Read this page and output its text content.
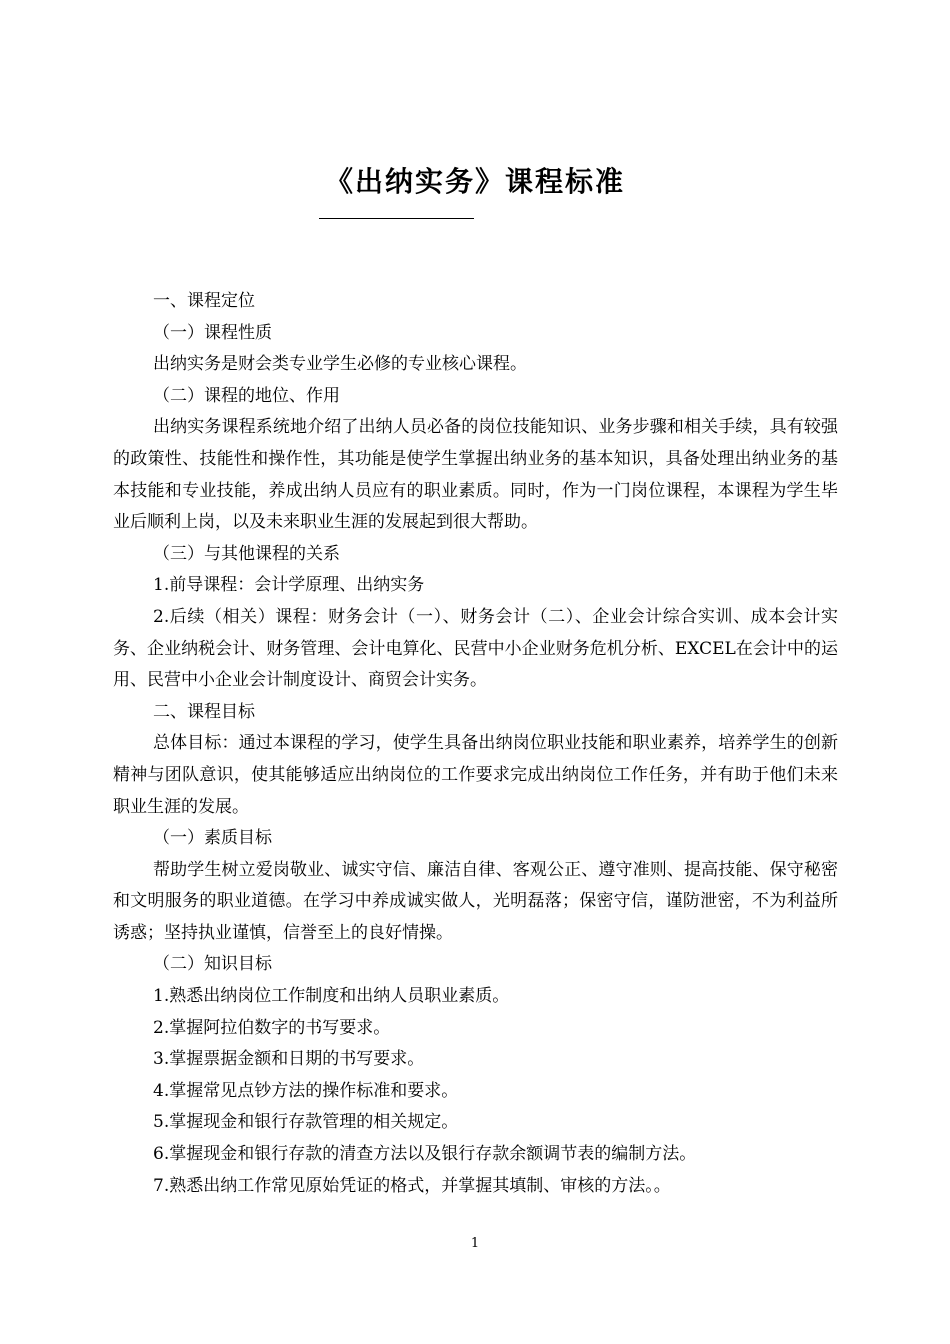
《出纳实务》课程标准

一、课程定位

（一）课程性质

出纳实务是财会类专业学生必修的专业核心课程。

（二）课程的地位、作用

出纳实务课程系统地介绍了出纳人员必备的岗位技能知识、业务步骤和相关手续，具有较强的政策性、技能性和操作性，其功能是使学生掌握出纳业务的基本知识，具备处理出纳业务的基本技能和专业技能，养成出纳人员应有的职业素质。同时，作为一门岗位课程，本课程为学生毕业后顺利上岗，以及未来职业生涯的发展起到很大帮助。

（三）与其他课程的关系

1.前导课程：会计学原理、出纳实务

2.后续（相关）课程：财务会计（一）、财务会计（二）、企业会计综合实训、成本会计实务、企业纳税会计、财务管理、会计电算化、民营中小企业财务危机分析、EXCEL在会计中的运用、民营中小企业会计制度设计、商贸会计实务。

二、课程目标

总体目标：通过本课程的学习，使学生具备出纳岗位职业技能和职业素养，培养学生的创新精神与团队意识，使其能够适应出纳岗位的工作要求完成出纳岗位工作任务，并有助于他们未来职业生涯的发展。

（一）素质目标

帮助学生树立爱岗敬业、诚实守信、廉洁自律、客观公正、遵守准则、提高技能、保守秘密和文明服务的职业道德。在学习中养成诚实做人，光明磊落；保密守信，谨防泄密，不为利益所诱惑；坚持执业谨慎，信誉至上的良好情操。

（二）知识目标

1.熟悉出纳岗位工作制度和出纳人员职业素质。

2.掌握阿拉伯数字的书写要求。

3.掌握票据金额和日期的书写要求。

4.掌握常见点钞方法的操作标准和要求。

5.掌握现金和银行存款管理的相关规定。

6.掌握现金和银行存款的清查方法以及银行存款余额调节表的编制方法。

7.熟悉出纳工作常见原始凭证的格式，并掌握其填制、审核的方法。。

1
